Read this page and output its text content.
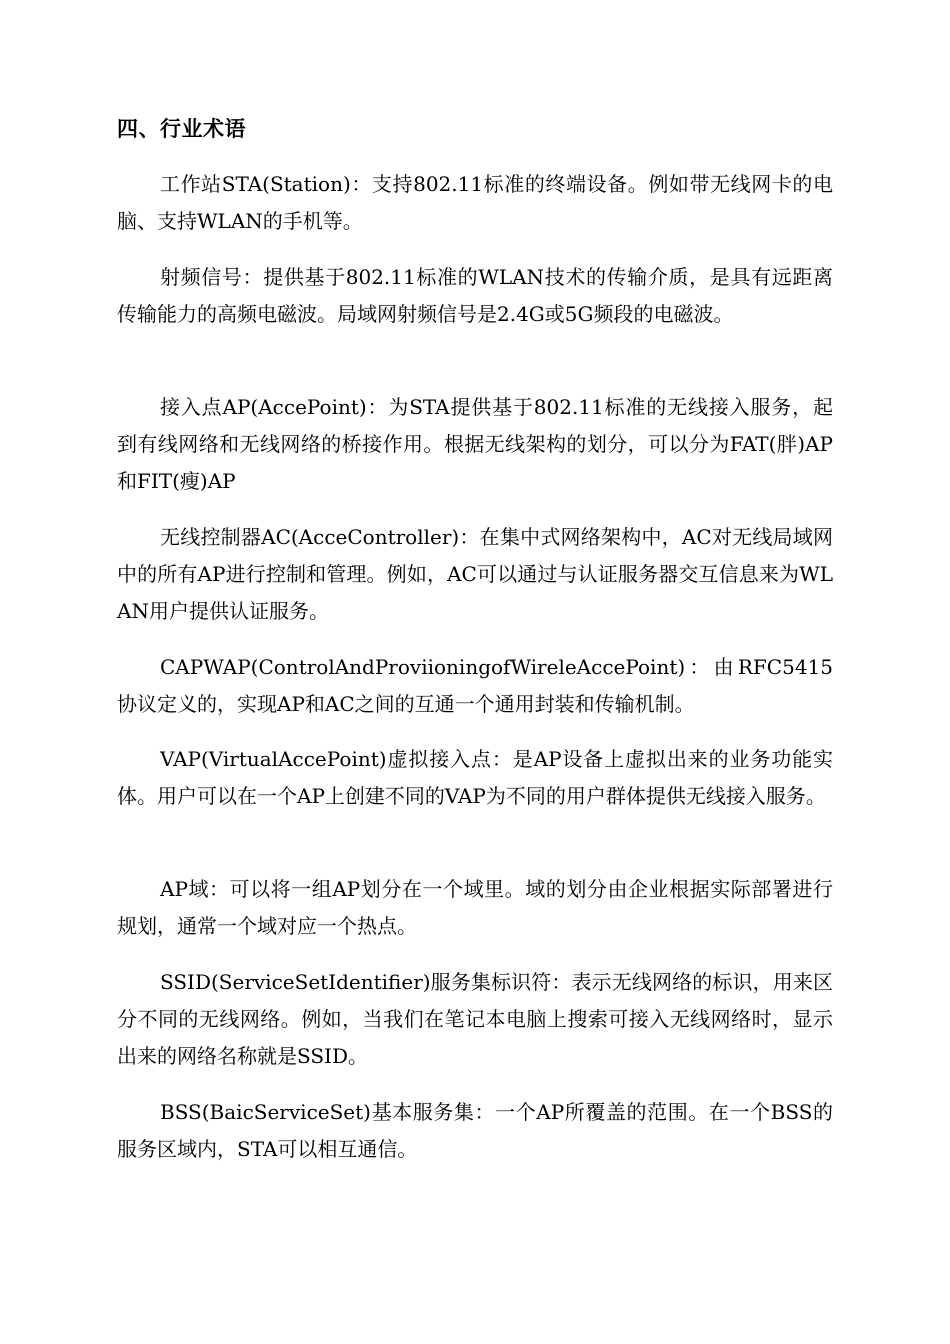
四、行业术语

工作站STA(Station)：支持802.11标准的终端设备。例如带无线网卡的电脑、支持WLAN的手机等。

射频信号：提供基于802.11标准的WLAN技术的传输介质，是具有远距离传输能力的高频电磁波。局域网射频信号是2.4G或5G频段的电磁波。

接入点AP(AccePoint)：为STA提供基于802.11标准的无线接入服务，起到有线网络和无线网络的桥接作用。根据无线架构的划分，可以分为FAT(胖)AP和FIT(瘦)AP

无线控制器AC(AcceController)：在集中式网络架构中，AC对无线局域网中的所有AP进行控制和管理。例如，AC可以通过与认证服务器交互信息来为WLAN用户提供认证服务。

CAPWAP(ControlAndProviioningofWireleAccePoint)：由RFC5415协议定义的，实现AP和AC之间的互通一个通用封装和传输机制。

VAP(VirtualAccePoint)虚拟接入点：是AP设备上虚拟出来的业务功能实体。用户可以在一个AP上创建不同的VAP为不同的用户群体提供无线接入服务。

AP域：可以将一组AP划分在一个域里。域的划分由企业根据实际部署进行规划，通常一个域对应一个热点。

SSID(ServiceSetIdentifier)服务集标识符：表示无线网络的标识，用来区分不同的无线网络。例如，当我们在笔记本电脑上搜索可接入无线网络时，显示出来的网络名称就是SSID。

BSS(BaicServiceSet)基本服务集：一个AP所覆盖的范围。在一个BSS的服务区域内，STA可以相互通信。
